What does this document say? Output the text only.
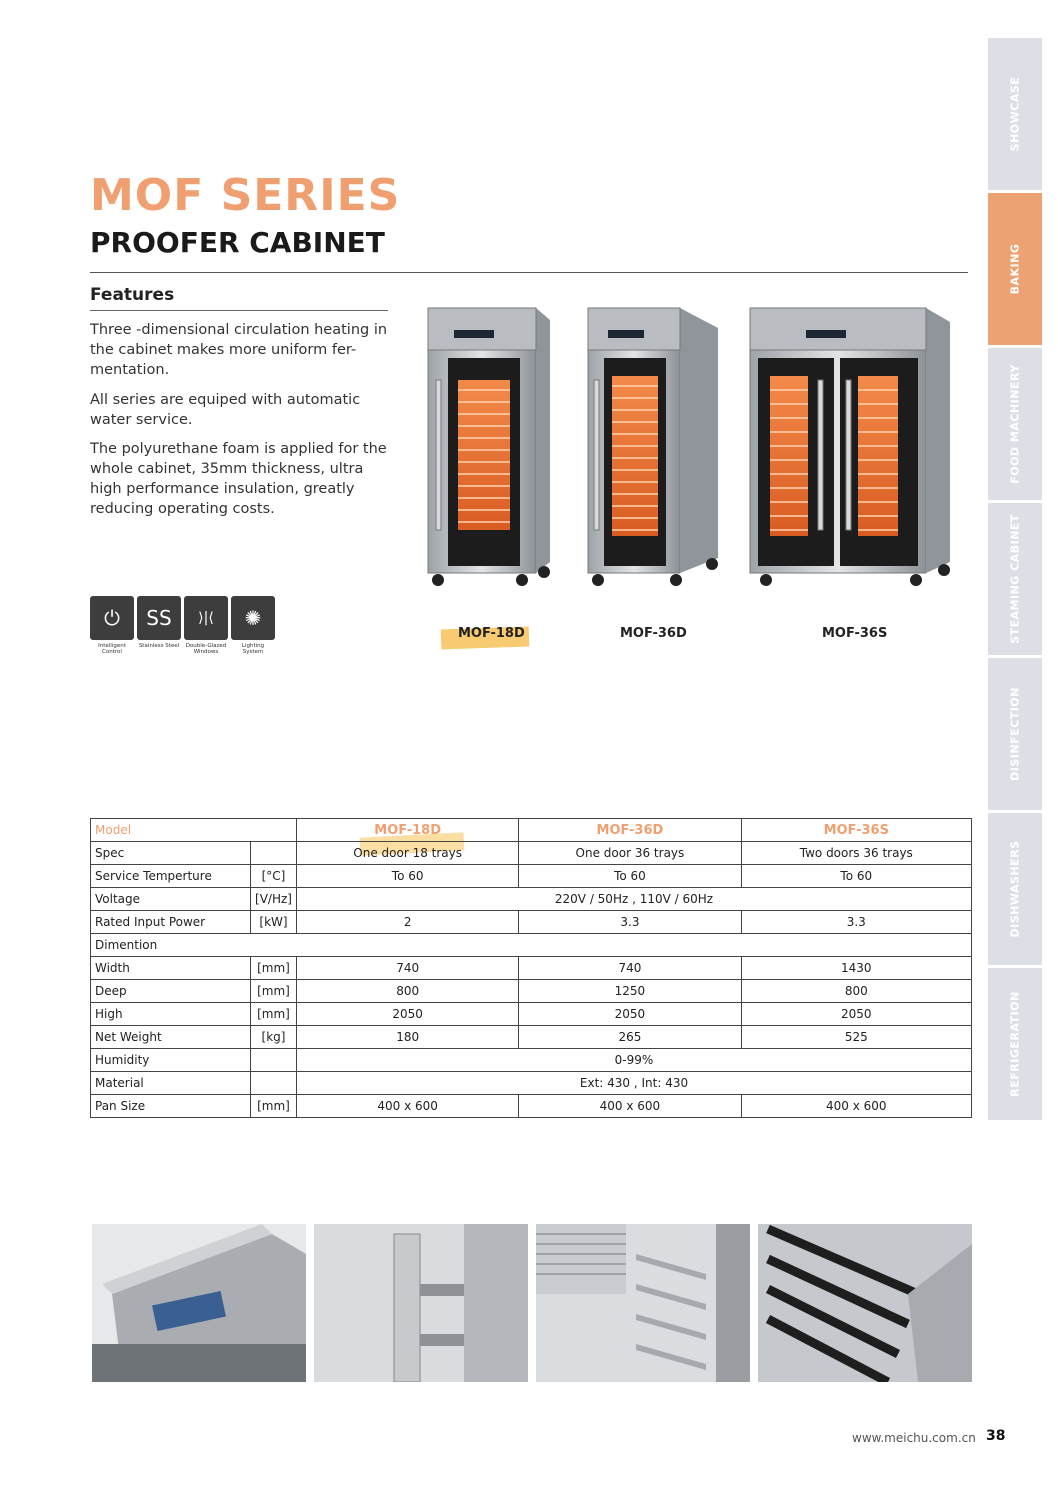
MOF SERIES
PROOFER CABINET
Features

Three -dimensional circulation heating in the cabinet makes more uniform fer-mentation.

All series are equiped with automatic water service.

The polyurethane foam is applied for the whole cabinet, 35mm thickness, ultra high performance insulation, greatly reducing operating costs.

⏻
Intelligent Control
SS
Stainless Steel
⟩|⟨
Double-Glazed Windows
✺
Lighting System
MOF-18D	MOF-36D	MOF-36S
Model		MOF-18D	MOF-36D	MOF-36S
Spec		One door 18 trays	One door 36 trays	Two doors 36 trays
Service Temperture	[°C]	To 60	To 60	To 60
Voltage	[V/Hz]	220V / 50Hz , 110V / 60Hz		
Rated Input Power	[kW]	2	3.3	3.3
Dimention				
Width	[mm]	740	740	1430
Deep	[mm]	800	1250	800
High	[mm]	2050	2050	2050
Net Weight	[kg]	180	265	525
Humidity		0-99%		
Material		Ext: 430 , Int: 430		
Pan Size	[mm]	400 x 600	400 x 600	400 x 600
www.meichu.com.cn 38
SHOWCASE
BAKING
FOOD MACHINERY
STEAMING CABINET
DISINFECTION
DISHWASHERS
REFRIGERATION
